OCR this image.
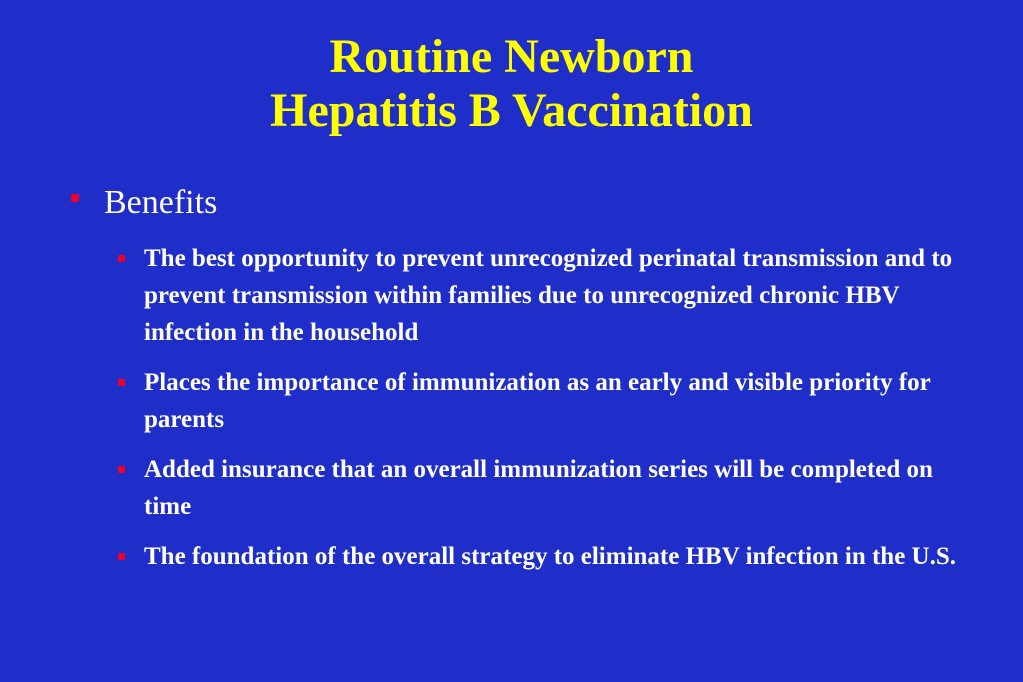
Routine Newborn
Hepatitis B Vaccination
Benefits
The best opportunity to prevent unrecognized perinatal transmission and to prevent transmission within families due to unrecognized chronic HBV infection in the household
Places the importance of immunization as an early and visible priority for parents
Added insurance that an overall immunization series will be completed on time
The foundation of the overall strategy to eliminate HBV infection in the U.S.
